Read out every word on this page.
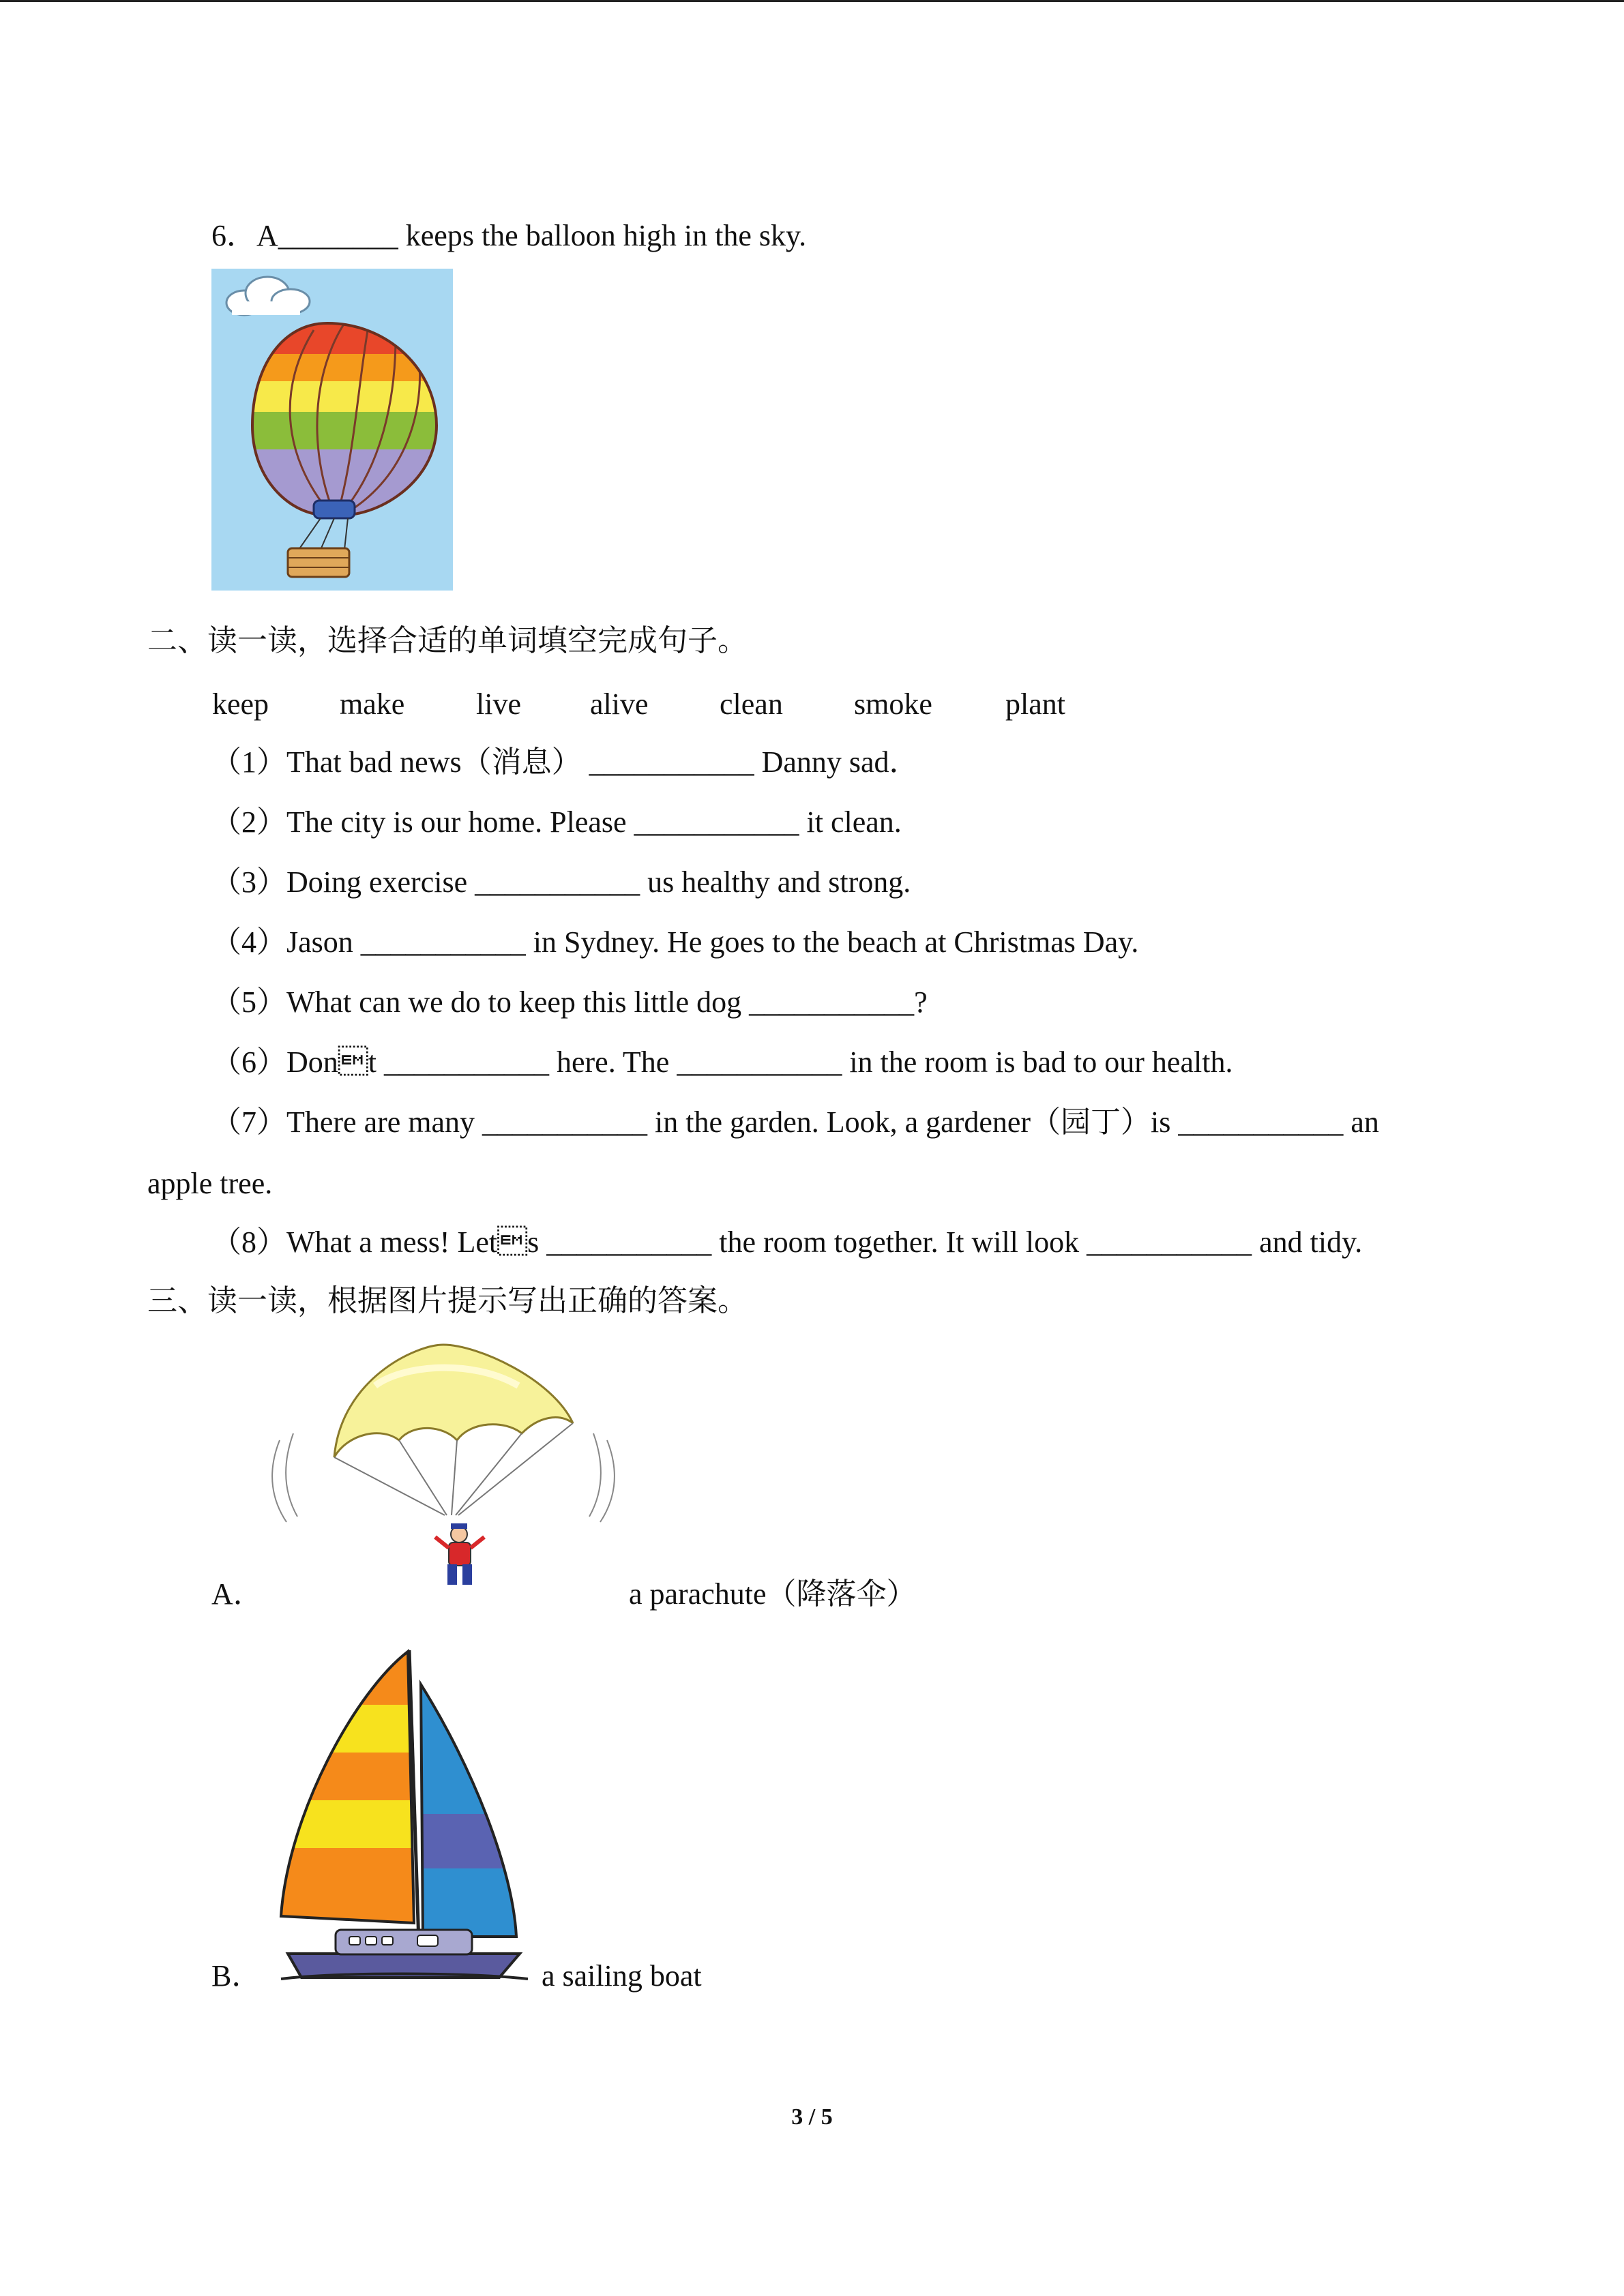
6．A________ keeps the balloon high in the sky.
二、读一读，选择合适的单词填空完成句子。
keep make live alive clean smoke plant
（1）That bad news（消息） ___________ Danny sad．
（2）The city is our home. Please ___________ it clean.
（3）Doing exercise ___________ us healthy and strong.
（4）Jason ___________ in Sydney. He goes to the beach at Christmas Day.
（5）What can we do to keep this little dog ___________?
（6）Dont ___________ here. The ___________ in the room is bad to our health.
（7）There are many ___________ in the garden. Look, a gardener（园丁）is ___________ an
apple tree.
（8）What a mess! Lets ___________ the room together. It will look ___________ and tidy.
三、读一读，根据图片提示写出正确的答案。
A．	a parachute（降落伞）
B．	a sailing boat
3 / 5
